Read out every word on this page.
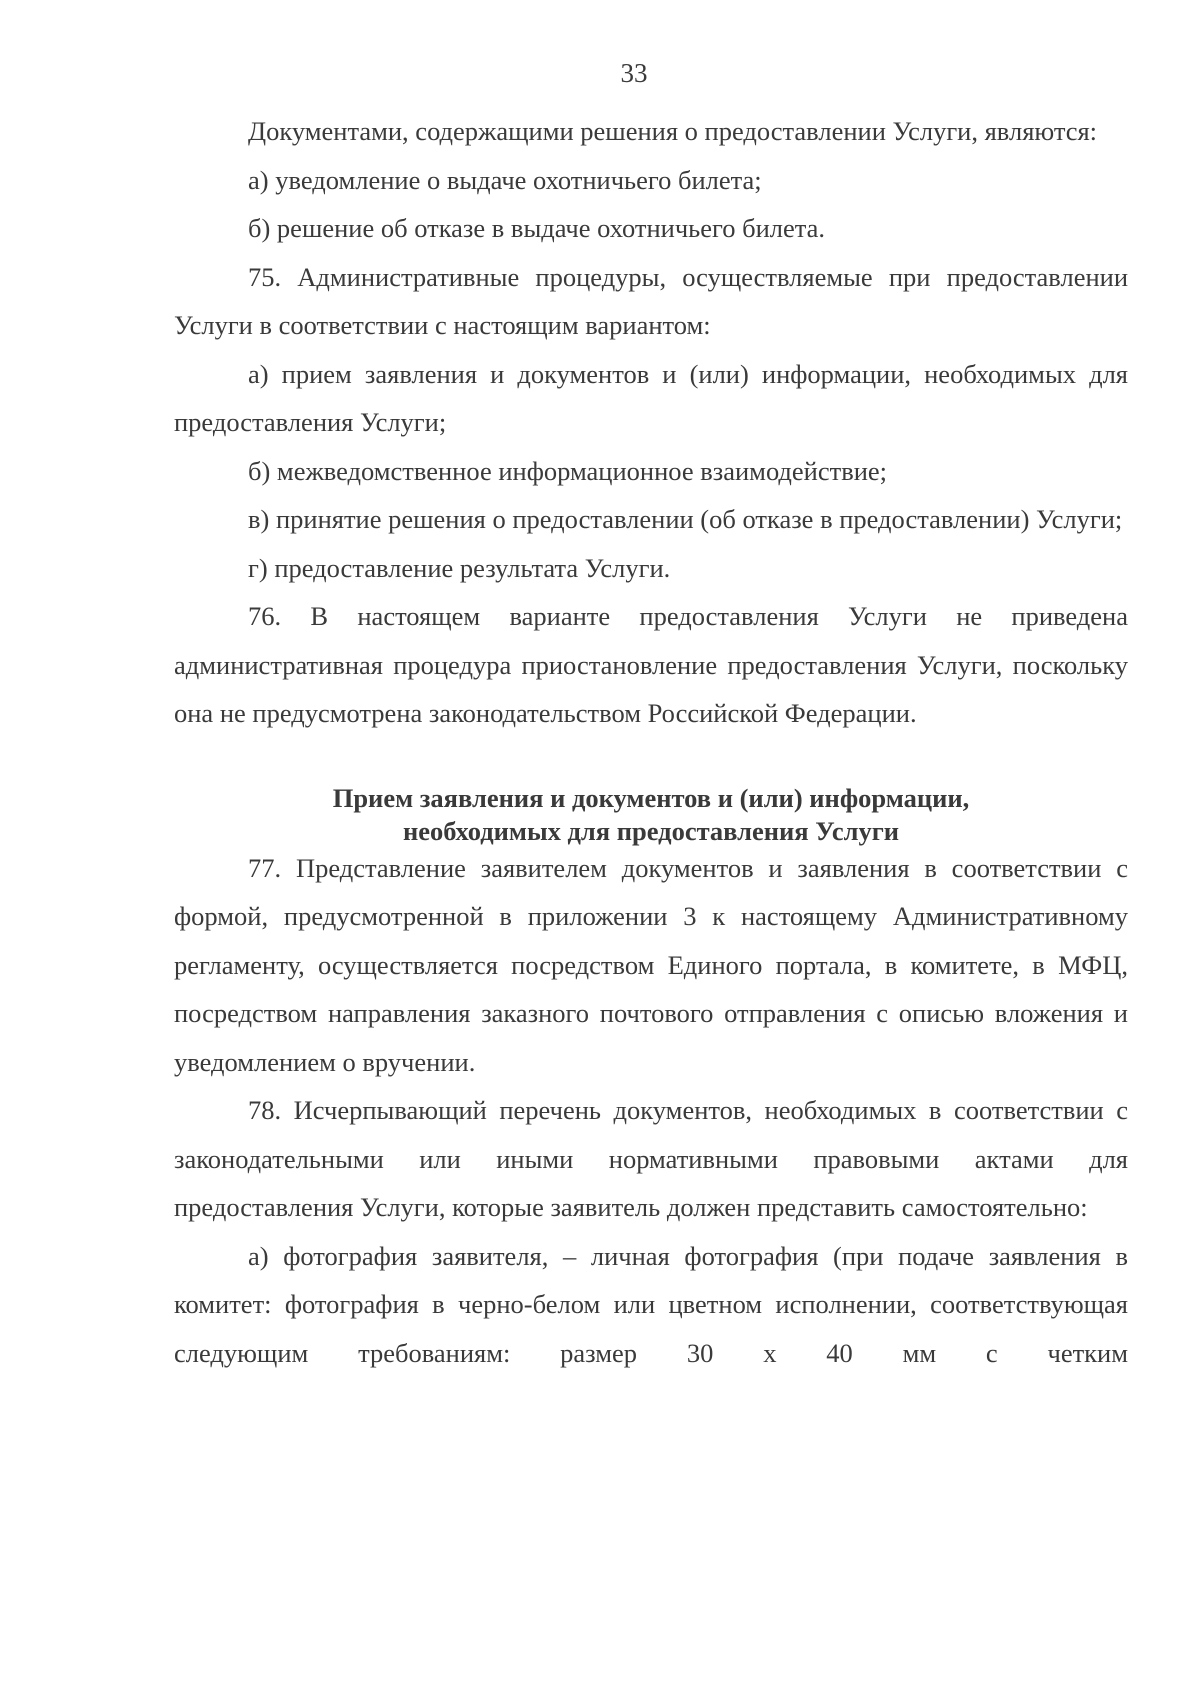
33

Документами, содержащими решения о предоставлении Услуги, являются:

а) уведомление о выдаче охотничьего билета;

б) решение об отказе в выдаче охотничьего билета.

75. Административные процедуры, осуществляемые при предоставлении Услуги в соответствии с настоящим вариантом:

а) прием заявления и документов и (или) информации, необходимых для предоставления Услуги;

б) межведомственное информационное взаимодействие;

в) принятие решения о предоставлении (об отказе в предоставлении) Услуги;

г) предоставление результата Услуги.

76. В настоящем варианте предоставления Услуги не приведена административная процедура приостановление предоставления Услуги, поскольку она не предусмотрена законодательством Российской Федерации.

Прием заявления и документов и (или) информации,
необходимых для предоставления Услуги

77. Представление заявителем документов и заявления в соответствии с формой, предусмотренной в приложении 3 к настоящему Административному регламенту, осуществляется посредством Единого портала, в комитете, в МФЦ, посредством направления заказного почтового отправления с описью вложения и уведомлением о вручении.

78. Исчерпывающий перечень документов, необходимых в соответствии с законодательными или иными нормативными правовыми актами для предоставления Услуги, которые заявитель должен представить самостоятельно:

а) фотография заявителя, – личная фотография (при подаче заявления в комитет: фотография в черно-белом или цветном исполнении, соответствующая следующим требованиям: размер 30 х 40 мм с четким
